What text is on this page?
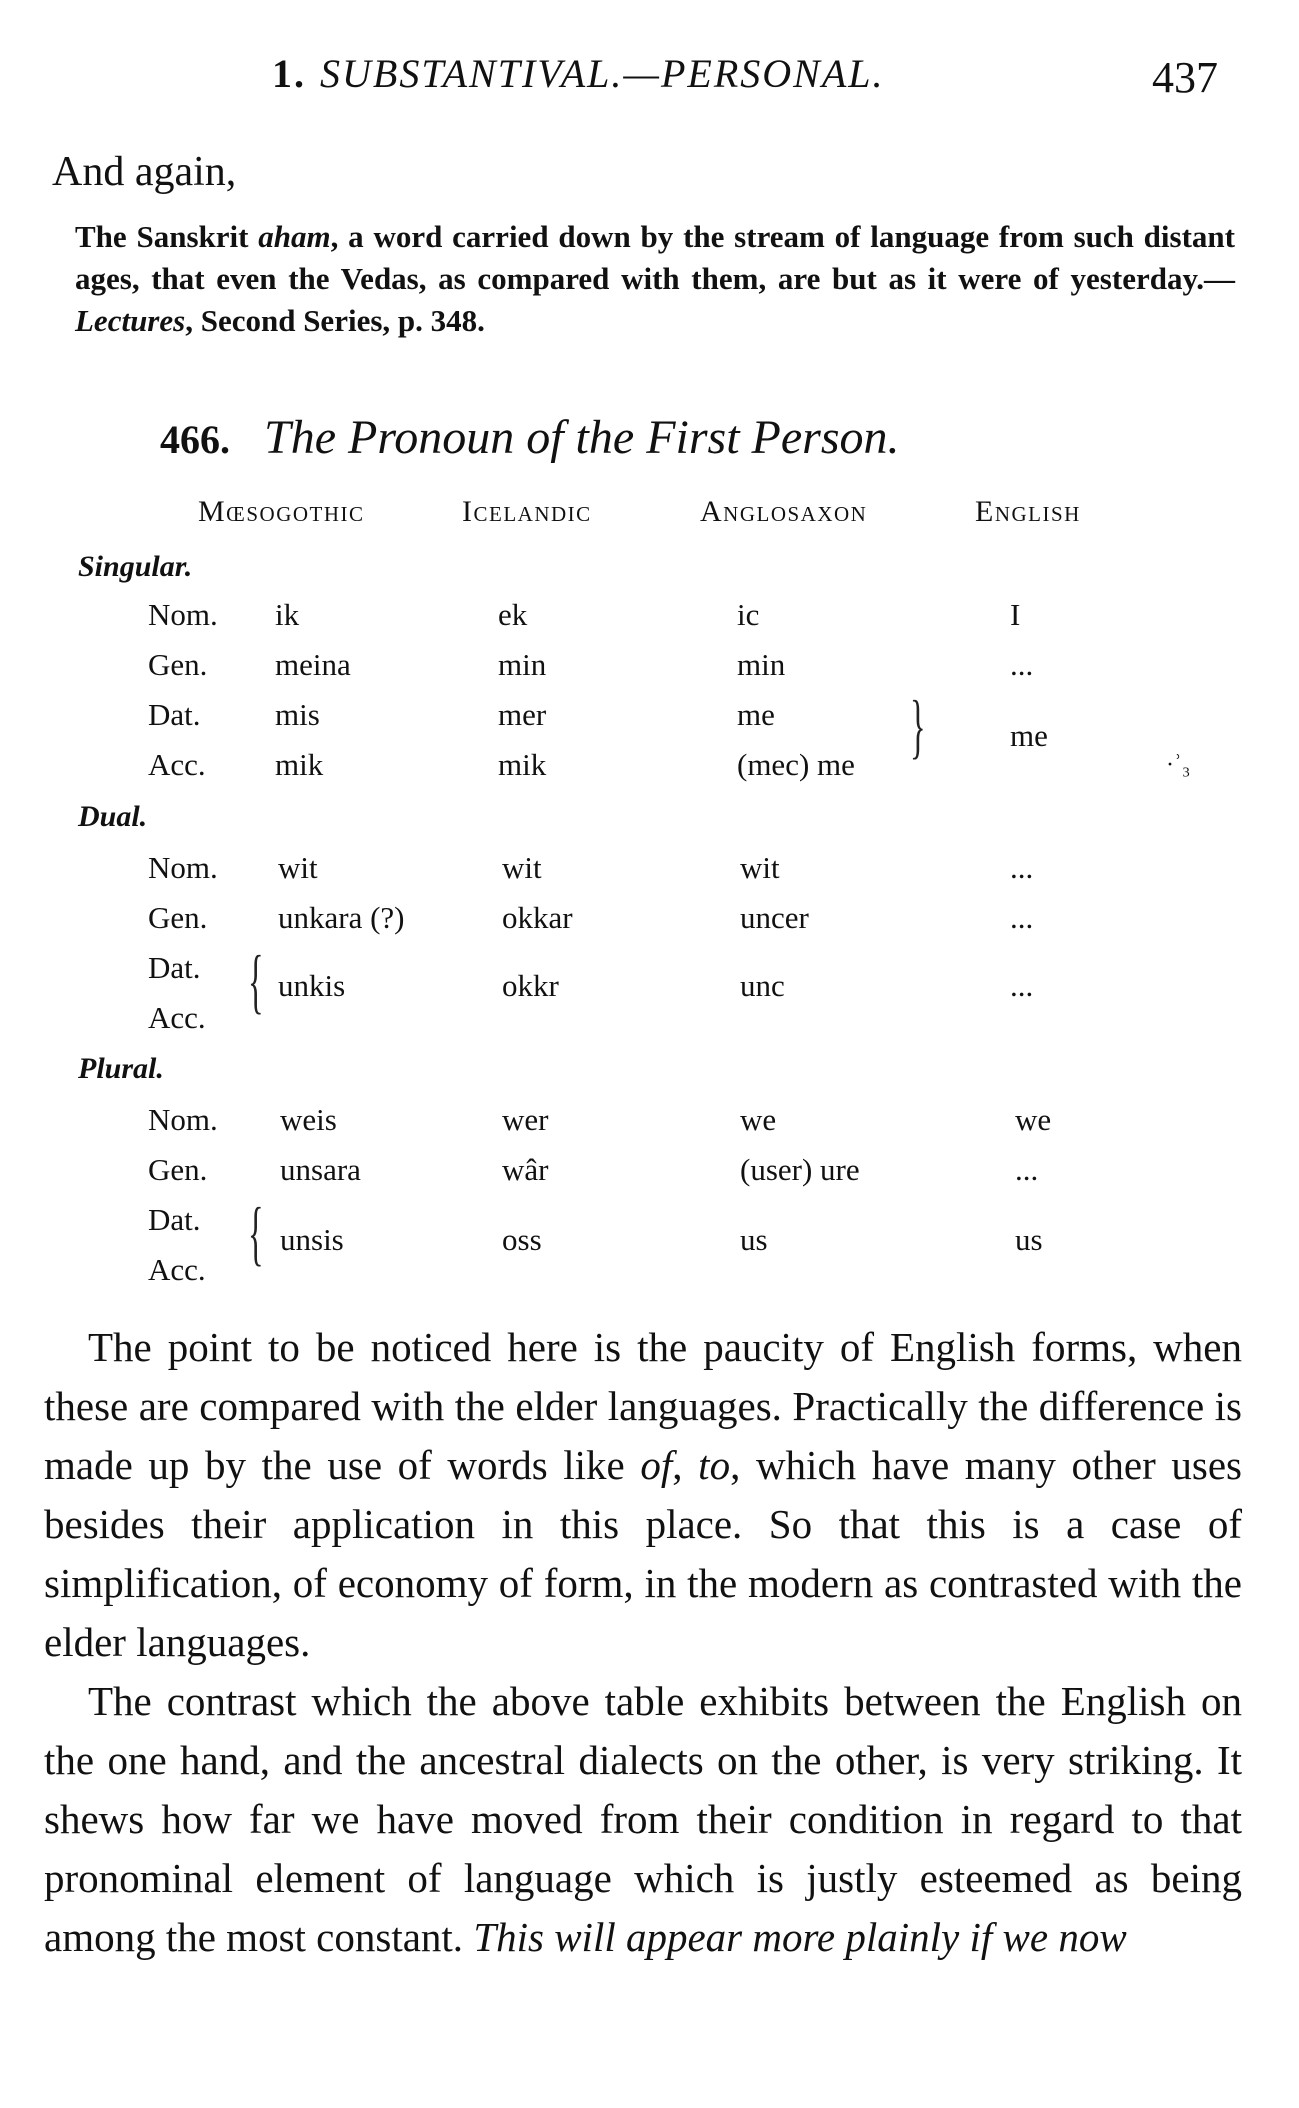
1. SUBSTANTIVAL.—PERSONAL.	437
And again,

The Sanskrit aham, a word carried down by the stream of language from such distant ages, that even the Vedas, as compared with them, are but as it were of yesterday.—Lectures, Second Series, p. 348.

466. The Pronoun of the First Person.
Mœsogothic	Icelandic	Anglosaxon	English
Singular.
Nom. ik	ek	ic	I
Gen. meina	min	min	...
Dat. mis	mer	me
Acc. mik	mik	(mec) me }	me
·ʾ₃
Dual.
Nom. wit	wit	wit	...
Gen. unkara (?)	okkar	uncer	...
Dat.
Acc. { unkis	okkr	unc	...
Plural.
Nom. weis	wer	we	we
Gen. unsara	wâr	(user) ure	...
Dat.
Acc. { unsis	oss	us	us

The point to be noticed here is the paucity of English forms, when these are compared with the elder languages. Practically the difference is made up by the use of words like of, to, which have many other uses besides their application in this place. So that this is a case of simplification, of economy of form, in the modern as contrasted with the elder languages.

The contrast which the above table exhibits between the English on the one hand, and the ancestral dialects on the other, is very striking. It shews how far we have moved from their condition in regard to that pronominal element of language which is justly esteemed as being among the most constant. This will appear more plainly if we now
